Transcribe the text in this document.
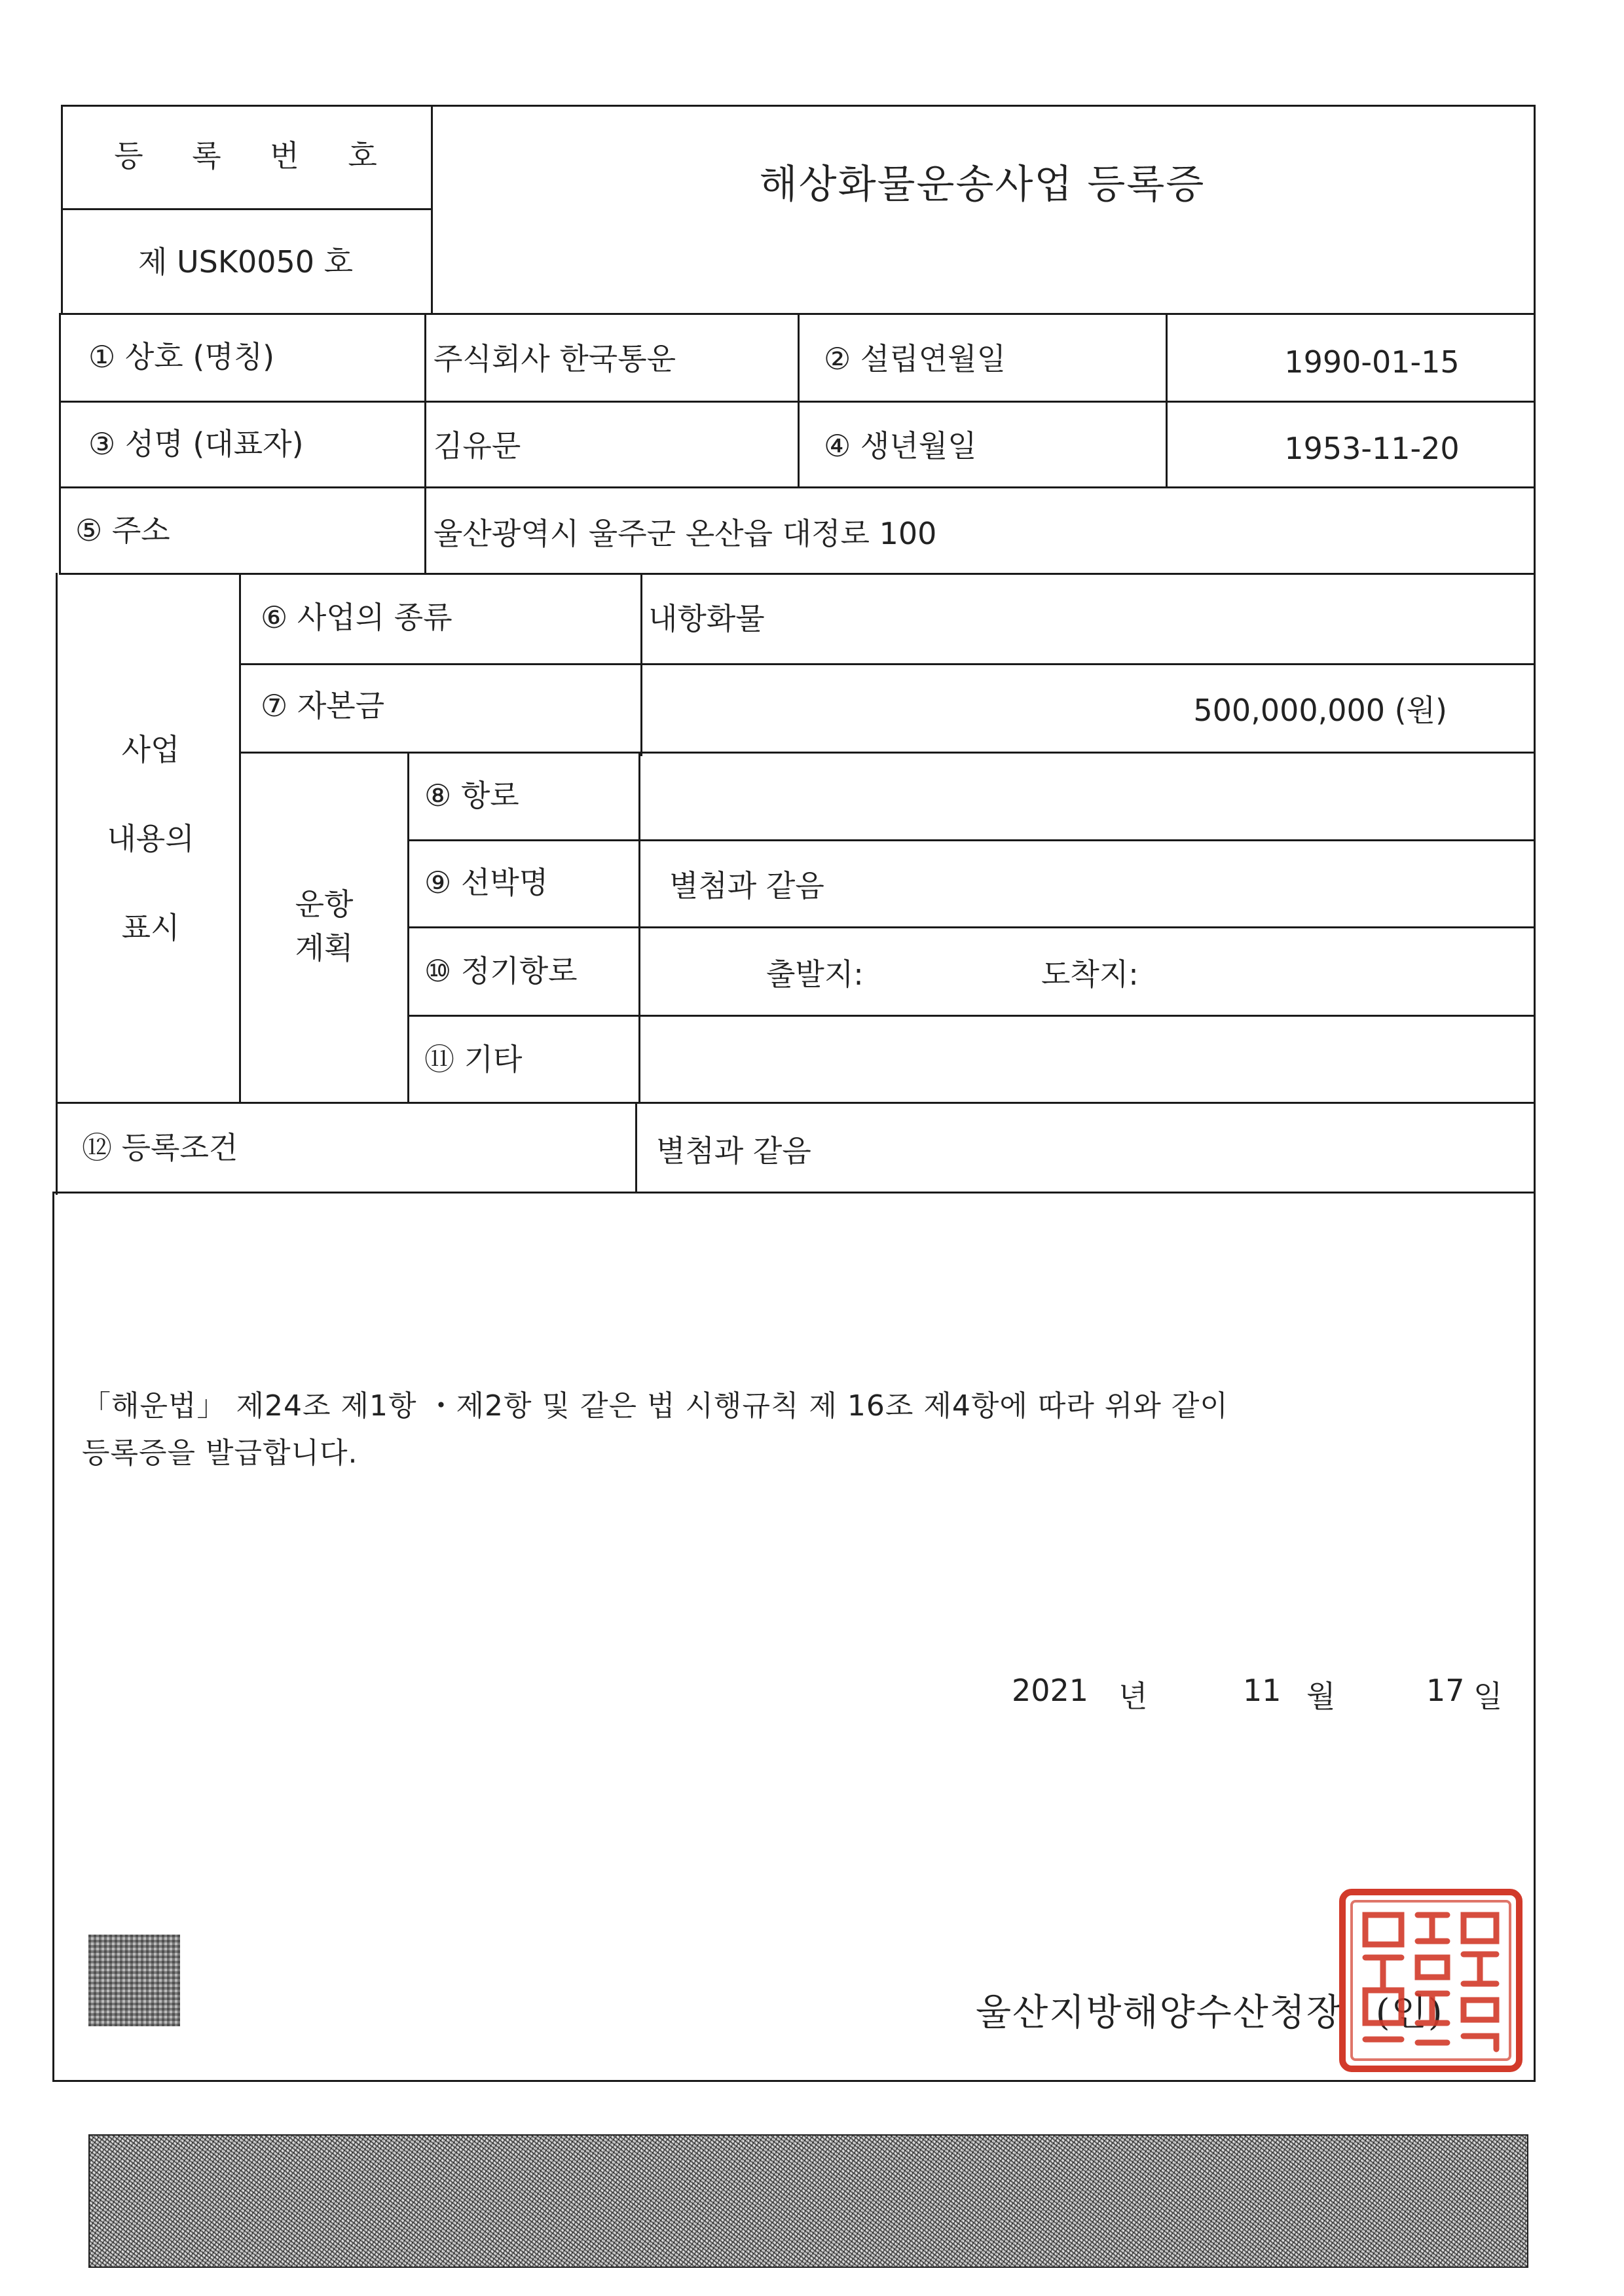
등 록 번 호
제 USK0050 호
해상화물운송사업 등록증
① 상호 (명칭)	주식회사 한국통운	② 설립연월일	1990-01-15
③ 성명 (대표자)	김유문	④ 생년월일	1953-11-20
⑤ 주소	울산광역시 울주군 온산읍 대정로 100
사업
내용의
표시
⑥ 사업의 종류	내항화물
⑦ 자본금	500,000,000 (원)
운항
계획
⑧ 항로
⑨ 선박명	별첨과 같음
⑩ 정기항로	출발지:	도착지:
⑪ 기타
⑫ 등록조건	별첨과 같음
「해운법」 제24조 제1항 ・제2항 및 같은 법 시행규칙 제 16조 제4항에 따라 위와 같이
등록증을 발급합니다.
2021 년	11 월	17 일
울산지방해양수산청장 (인)
